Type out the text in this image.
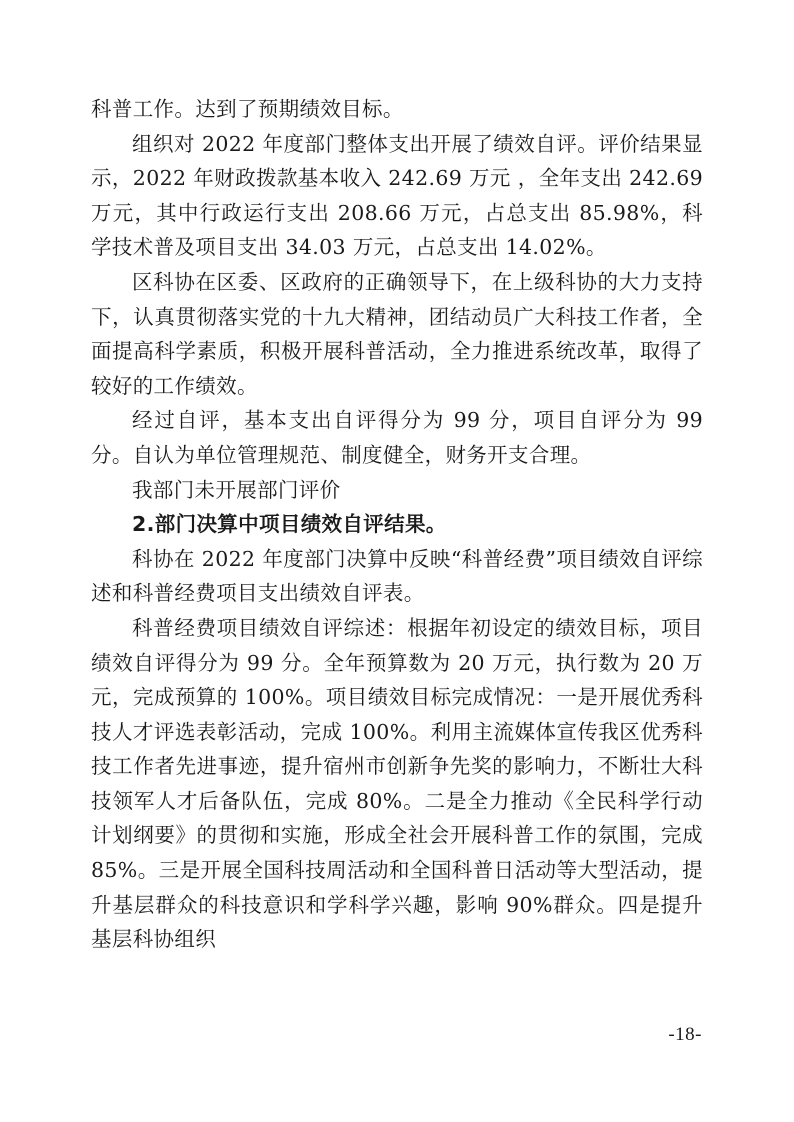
科普工作。达到了预期绩效目标。

组织对 2022 年度部门整体支出开展了绩效自评。评价结果显示，2022 年财政拨款基本收入 242.69 万元 ，全年支出 242.69 万元，其中行政运行支出 208.66 万元，占总支出 85.98%，科学技术普及项目支出 34.03 万元，占总支出 14.02%。

区科协在区委、区政府的正确领导下，在上级科协的大力支持下，认真贯彻落实党的十九大精神，团结动员广大科技工作者，全面提高科学素质，积极开展科普活动，全力推进系统改革，取得了较好的工作绩效。

经过自评，基本支出自评得分为 99 分，项目自评分为 99 分。自认为单位管理规范、制度健全，财务开支合理。

我部门未开展部门评价

2.部门决算中项目绩效自评结果。

科协在 2022 年度部门决算中反映“科普经费”项目绩效自评综述和科普经费项目支出绩效自评表。

科普经费项目绩效自评综述：根据年初设定的绩效目标，项目绩效自评得分为 99 分。全年预算数为 20 万元，执行数为 20 万元，完成预算的 100%。项目绩效目标完成情况：一是开展优秀科技人才评选表彰活动，完成 100%。利用主流媒体宣传我区优秀科技工作者先进事迹，提升宿州市创新争先奖的影响力，不断壮大科技领军人才后备队伍，完成 80%。二是全力推动《全民科学行动计划纲要》的贯彻和实施，形成全社会开展科普工作的氛围，完成 85%。三是开展全国科技周活动和全国科普日活动等大型活动，提升基层群众的科技意识和学科学兴趣，影响 90%群众。四是提升基层科协组织

-18-
